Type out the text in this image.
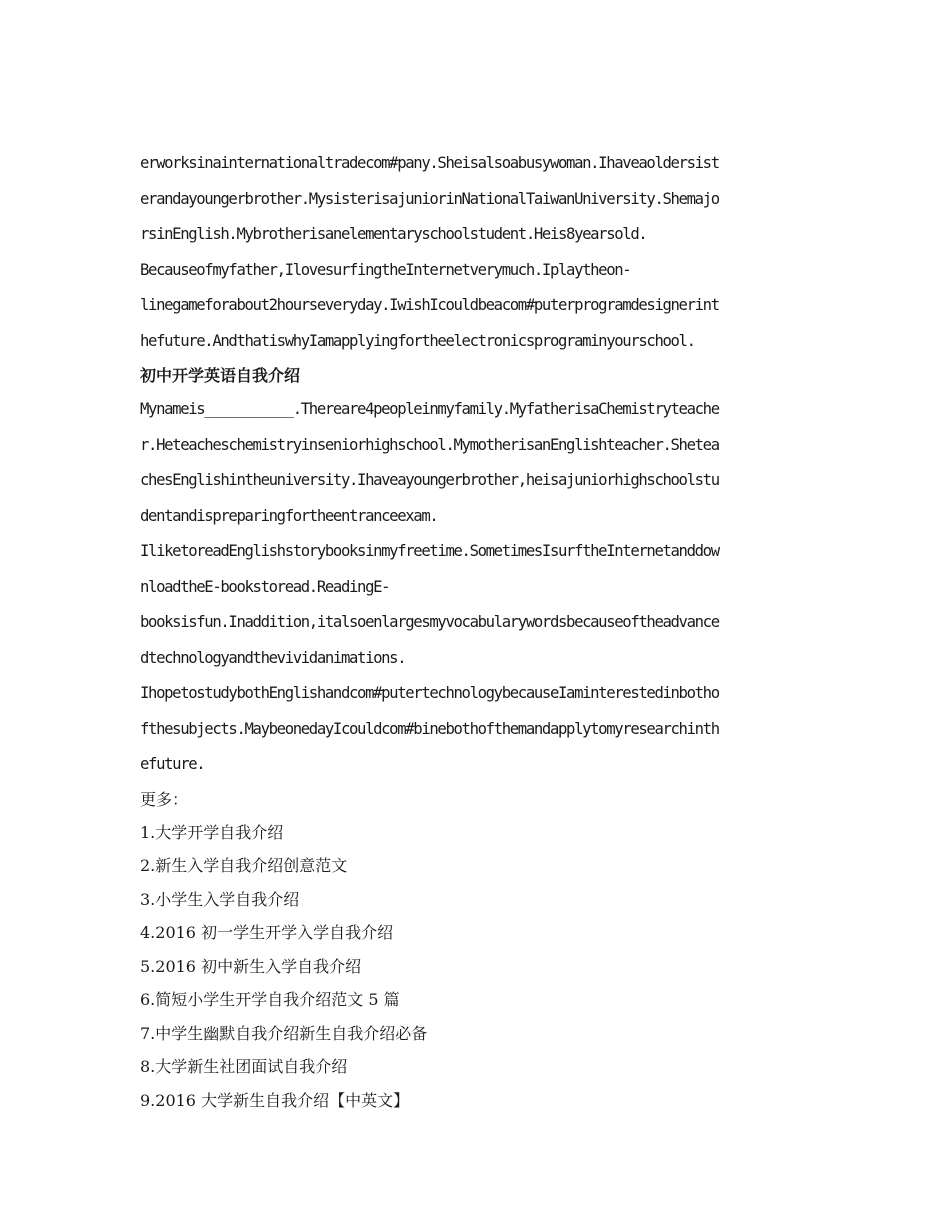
erworksinainternationaltradecom#pany.Sheisalsoabusywoman.Ihaveaoldersist

erandayoungerbrother.MysisterisajuniorinNationalTaiwanUniversity.Shemajo

rsinEnglish.Mybrotherisanelementaryschoolstudent.Heis8yearsold.

Becauseofmyfather,IlovesurfingtheInternetverymuch.Iplaytheon-

linegameforabout2hourseveryday.IwishIcouldbeacom#puterprogramdesignerint

hefuture.AndthatiswhyIamapplyingfortheelectronicsprograminyourschool.

初中开学英语自我介绍

Mynameis___________.Thereare4peopleinmyfamily.MyfatherisaChemistryteache

r.Heteacheschemistryinseniorhighschool.MymotherisanEnglishteacher.Shetea

chesEnglishintheuniversity.Ihaveayoungerbrother,heisajuniorhighschoolstu

dentandispreparingfortheentranceexam.

IliketoreadEnglishstorybooksinmyfreetime.SometimesIsurftheInternetanddow

nloadtheE-bookstoread.ReadingE-

booksisfun.Inaddition,italsoenlargesmyvocabularywordsbecauseoftheadvance

dtechnologyandthevividanimations.

IhopetostudybothEnglishandcom#putertechnologybecauseIaminterestedinbotho

fthesubjects.MaybeonedayIcouldcom#binebothofthemandapplytomyresearchinth

efuture.

更多：

1.大学开学自我介绍
2.新生入学自我介绍创意范文
3.小学生入学自我介绍
4.2016 初一学生开学入学自我介绍
5.2016 初中新生入学自我介绍
6.简短小学生开学自我介绍范文 5 篇
7.中学生幽默自我介绍新生自我介绍必备
8.大学新生社团面试自我介绍
9.2016 大学新生自我介绍【中英文】
